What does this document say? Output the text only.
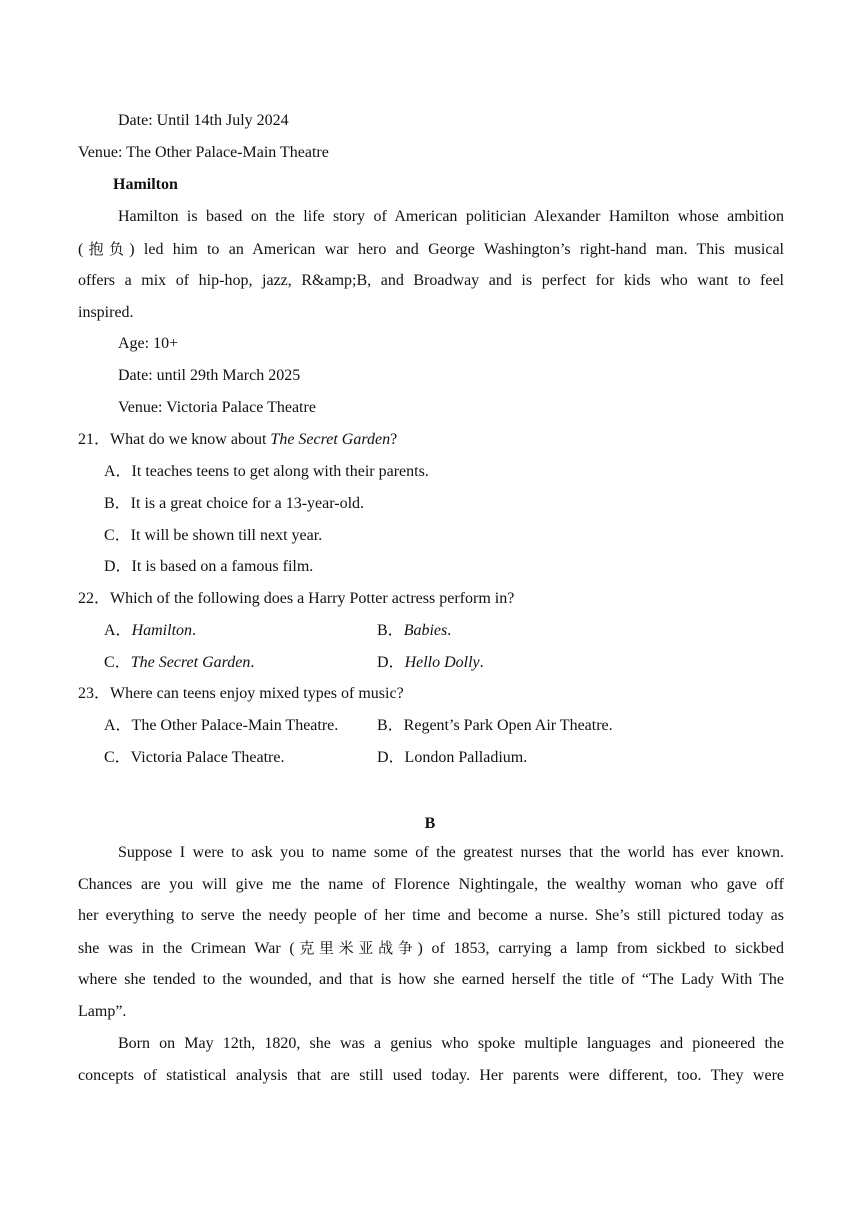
Date: Until 14th July 2024
Venue: The Other Palace-Main Theatre
Hamilton
Hamilton is based on the life story of American politician Alexander Hamilton whose ambition
(抱负) led him to an American war hero and George Washington’s right-hand man. This musical
offers a mix of hip-hop, jazz, R&amp;B, and Broadway and is perfect for kids who want to feel
inspired.
Age: 10+
Date: until 29th March 2025
Venue: Victoria Palace Theatre
21．What do we know about The Secret Garden?
A．It teaches teens to get along with their parents.
B．It is a great choice for a 13-year-old.
C．It will be shown till next year.
D．It is based on a famous film.
22．Which of the following does a Harry Potter actress perform in?
A．Hamilton.	B．Babies.
C．The Secret Garden.	D．Hello Dolly.
23．Where can teens enjoy mixed types of music?
A．The Other Palace-Main Theatre. B．Regent’s Park Open Air Theatre.
C．Victoria Palace Theatre.	D．London Palladium.
B
Suppose I were to ask you to name some of the greatest nurses that the world has ever known.
Chances are you will give me the name of Florence Nightingale, the wealthy woman who gave off
her everything to serve the needy people of her time and become a nurse. She’s still pictured today as
she was in the Crimean War (克里米亚战争) of 1853, carrying a lamp from sickbed to sickbed
where she tended to the wounded, and that is how she earned herself the title of “The Lady With The
Lamp”.
Born on May 12th, 1820, she was a genius who spoke multiple languages and pioneered the
concepts of statistical analysis that are still used today. Her parents were different, too. They were
